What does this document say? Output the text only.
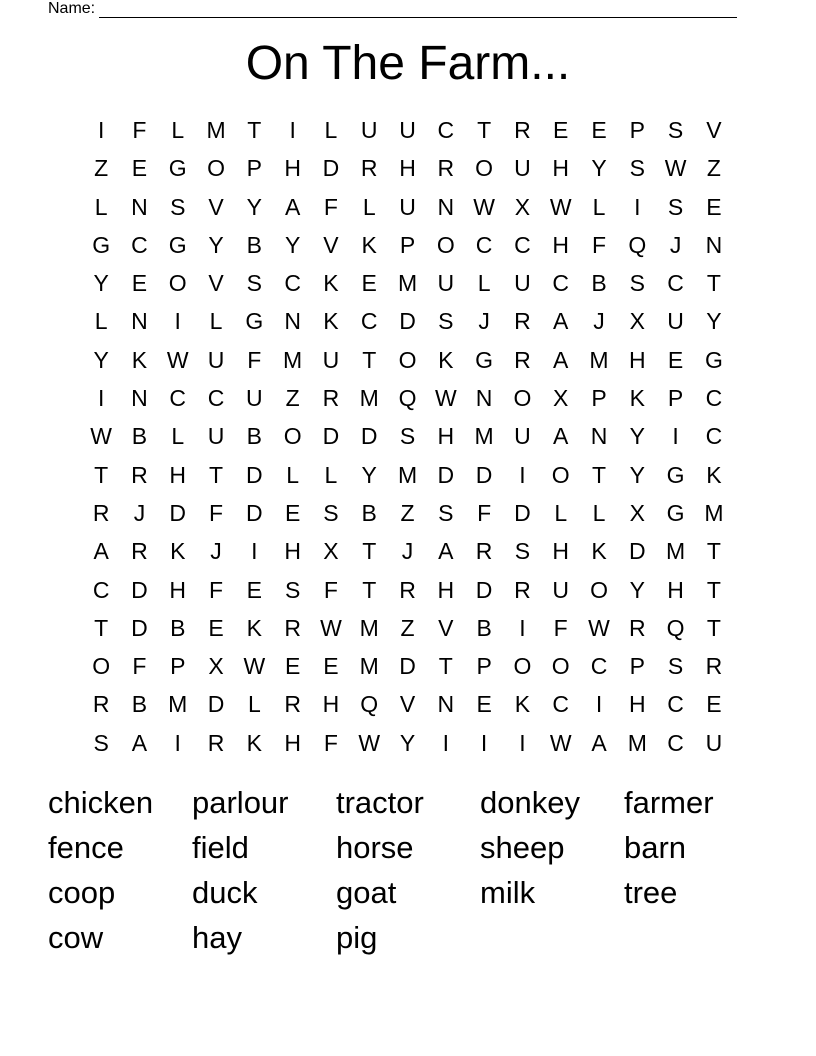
Name:
On The Farm...
I	F	L M T	I	L	U U C T R E E P S V
Z	E G O P H D R H R O U H Y S W Z
L	N S V Y A	F	L	U N W X W L	I	S E
G C G Y B Y V K P O C C H F Q	J	N
Y E O V S C K E M U	L	U C B S C T
L	N	I	L G N K C D S	J	R A	J	X U Y
Y K W U F M U T O K G R A M H E G
I	N C C U Z R M Q W N O X P K P C
W B	L	U B O D D S H M U A N Y	I	C
T R H T D	L	L	Y M D D	I	O T	Y G K
R	J	D F D E S B	Z	S	F D	L	L	X G M
A R K	J	I	H X	T	J	A R S H K D M T
C D H F	E S	F	T R H D R U O Y H T
T D B E K R W M Z	V B	I	F W R Q T
O F	P X W E E M D T	P O O C P S R
R B M D	L	R H Q V N E K C	I	H C E
S A	I	R K H F W Y	I	I	I	W A M C U
chicken	parlour	tractor	donkey	farmer
fence	field	horse	sheep	barn
coop	duck	goat	milk	tree
cow	hay	pig
